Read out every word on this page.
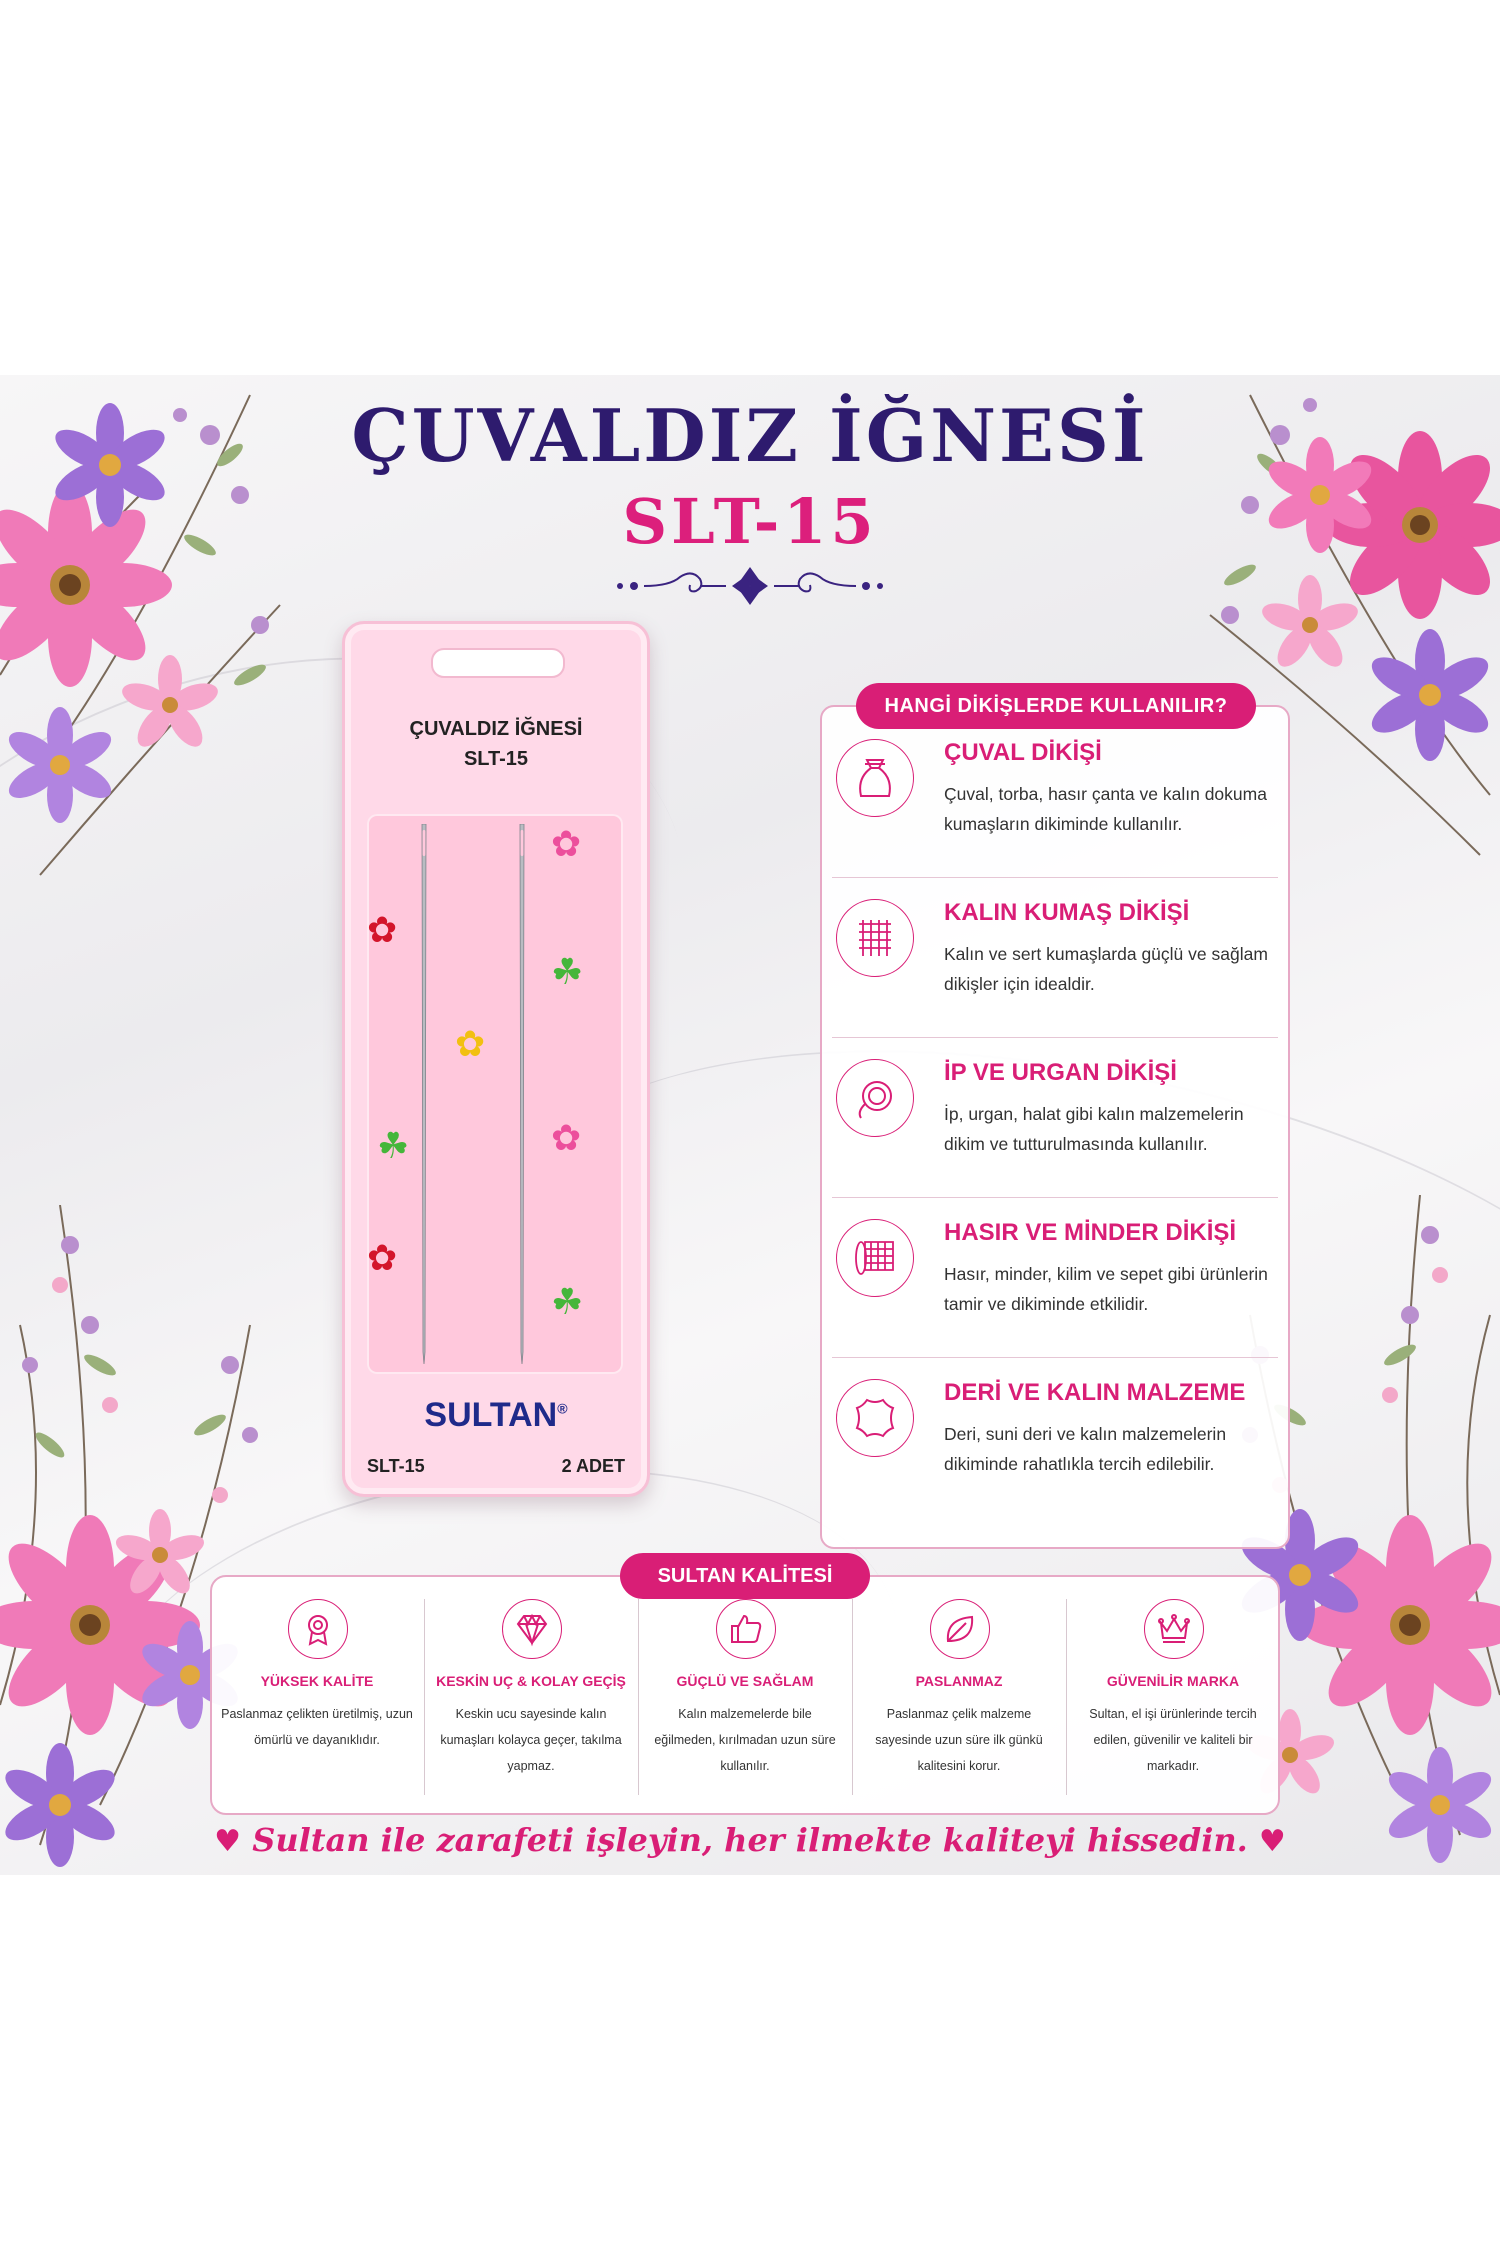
ÇUVALDIZ İĞNESİ
SLT-15
ÇUVALDIZ İĞNESİ
SLT-15
✿
✿
✿
☘
☘	✿
✿
☘
SULTAN®
SLT-15	2 ADET
HANGİ DİKİŞLERDE KULLANILIR?
ÇUVAL DİKİŞİ
Çuval, torba, hasır çanta ve kalın dokuma kumaşların dikiminde kullanılır.
KALIN KUMAŞ DİKİŞİ
Kalın ve sert kumaşlarda güçlü ve sağlam dikişler için idealdir.
İP VE URGAN DİKİŞİ
İp, urgan, halat gibi kalın malzemelerin dikim ve tutturulmasında kullanılır.
HASIR VE MİNDER DİKİŞİ
Hasır, minder, kilim ve sepet gibi ürünlerin tamir ve dikiminde etkilidir.
DERİ VE KALIN MALZEME
Deri, suni deri ve kalın malzemelerin dikiminde rahatlıkla tercih edilebilir.
SULTAN KALİTESİ
YÜKSEK KALİTE
Paslanmaz çelikten üretilmiş, uzun ömürlü ve dayanıklıdır.
KESKİN UÇ & KOLAY GEÇİŞ
Keskin ucu sayesinde kalın kumaşları kolayca geçer, takılma yapmaz.
GÜÇLÜ VE SAĞLAM
Kalın malzemelerde bile eğilmeden, kırılmadan uzun süre kullanılır.
PASLANMAZ
Paslanmaz çelik malzeme sayesinde uzun süre ilk günkü kalitesini korur.
GÜVENİLİR MARKA
Sultan, el işi ürünlerinde tercih edilen, güvenilir ve kaliteli bir markadır.
♥ Sultan ile zarafeti işleyin, her ilmekte kaliteyi hissedin. ♥
